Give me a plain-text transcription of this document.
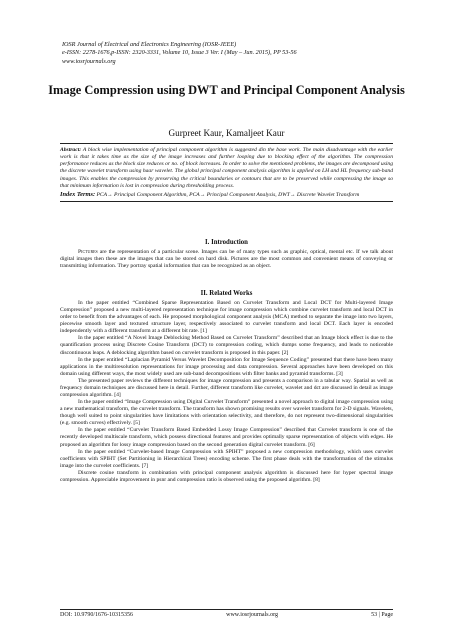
IOSR Journal of Electrical and Electronics Engineering (IOSR-JEEE)
e-ISSN: 2278-1676,p-ISSN: 2320-3331, Volume 10, Issue 3 Ver. I (May – Jun. 2015), PP 53-56
www.iosrjournals.org
Image Compression using DWT and Principal Component Analysis
Gurpreet Kaur, Kamaljeet Kaur

Abstract: A block wise implementation of principal component algorithm is suggested din the base work. The main disadvantage with the earlier work is that it takes time as the size of the image increases and further looping due to blocking effect of the algorithm. The compression performance reduces as the block size reduces or no. of block increases. In order to solve the mentioned problems, the images are decomposed using the discrete wavelet transform using haar wavelet. The global principal component analysis algorithm is applied on LH and HL frequency sub-band images. This enables the compression by preserving the critical boundaries or contours that are to be preserved while compressing the image so that minimum information is lost in compression during thresholding process.

Index Terms: PCA→ Principal Component Algorithm, PCA→ Principal Component Analysis, DWT→ Discrete Wavelet Transform

I. Introduction

Pictures are the representation of a particular scene. Images can be of many types such as graphic, optical, mental etc. If we talk about digital images then these are the images that can be stored on hard disk. Pictures are the most common and convenient means of conveying or transmitting information. They portray spatial information that can be recognized as an object.

II. Related Works

In the paper entitled “Combined Sparse Representation Based on Curvelet Transform and Local DCT for Multi-layered Image Compression” proposed a new multi-layered representation technique for image compression which combine curvelet transform and local DCT in order to benefit from the advantages of each. He proposed morphological component analysis (MCA) method to separate the image into two layers, piecewise smooth layer and textured structure layer, respectively associated to curvelet transform and local DCT. Each layer is encoded independently with a different transform at a different bit rate. [1]

In the paper entitled “A Novel Image Deblocking Method Based on Curvelet Transform” described that an Image block effect is due to the quantification process using Discrete Cosine Transform (DCT) to compression coding, which dumps some frequency, and leads to noticeable discontinuous leaps. A deblocking algorithm based on curvelet transform is proposed in this paper. [2]

In the paper entitled “Laplacian Pyramid Versus Wavelet Decomposition for Image Sequence Coding” presented that there have been many applications in the multiresolution representations for image processing and data compression. Several approaches have been developed on this domain using different ways, the most widely used are sub-band decompositions with filter banks and pyramid transforms. [3]

The presented paper reviews the different techniques for image compression and presents a comparison in a tabular way. Spatial as well as frequency domain techniques are discussed here in detail. Further, different transform like curvelet, wavelet and dct are discussed in detail as image compression algorithm. [4]

In the paper entitled “Image Compression using Digital Curvelet Transform” presented a novel approach to digital image compression using a new mathematical transform, the curvelet transform. The transform has shown promising results over wavelet transform for 2-D signals. Wavelets, though well suited to point singularities have limitations with orientation selectivity, and therefore, do not represent two-dimensional singularities (e.g. smooth curves) effectively. [5]

In the paper entitled “Curvelet Transform Based Embedded Lossy Image Compression” described that Curvelet transform is one of the recently developed multiscale transform, which possess directional features and provides optimally sparse representation of objects with edges. He proposed an algorithm for lossy image compression based on the second generation digital curvelet transform. [6]

In the paper entitled “Curvelet-based Image Compression with SPIHT” proposed a new compression methodology, which uses curvelet coefficients with SPIHT (Set Partitioning in Hierarchical Trees) encoding scheme. The first phase deals with the transformation of the stimulus image into the curvelet coefficients. [7]

Discrete cosine transform in combination with principal component analysis algorithm is discussed here for hyper spectral image compression. Appreciable improvement in psnr and compression ratio is observed using the proposed algorithm. [8]

DOI: 10.9790/1676-10315356	www.iosrjournals.org	53 | Page
